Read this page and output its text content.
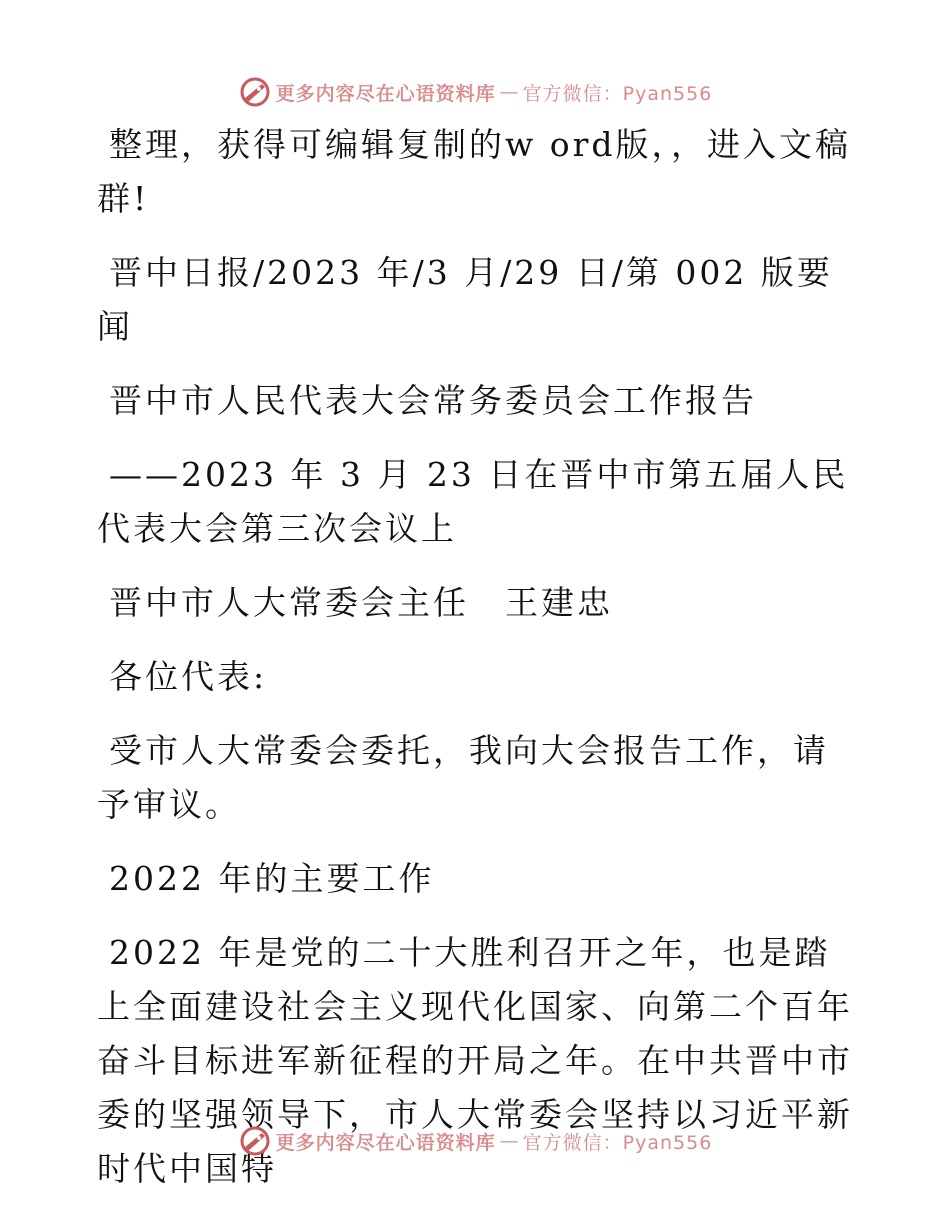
更多内容尽在心语资料库 — 官方微信：Pyan556

整理，获得可编辑复制的w ord版，，进入文稿群!

晋中日报/2023 年/3 月/29 日/第 002 版要闻

晋中市人民代表大会常务委员会工作报告

——2023 年 3 月 23 日在晋中市第五届人民代表大会第三次会议上

晋中市人大常委会主任　王建忠

各位代表:

受市人大常委会委托，我向大会报告工作，请予审议。

2022 年的主要工作

2022 年是党的二十大胜利召开之年，也是踏上全面建设社会主义现代化国家、向第二个百年奋斗目标进军新征程的开局之年。在中共晋中市委的坚强领导下，市人大常委会坚持以习近平新时代中国特

更多内容尽在心语资料库 — 官方微信：Pyan556
